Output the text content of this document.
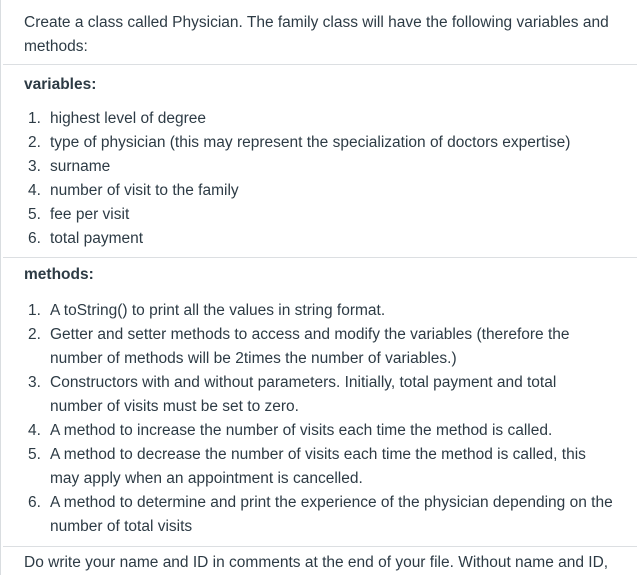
Create a class called Physician. The family class will have the following variables and methods:

variables:

1. highest level of degree
2. type of physician (this may represent the specialization of doctors expertise)
3. surname
4. number of visit to the family
5. fee per visit
6. total payment

methods:

1. A toString() to print all the values in string format.
2. Getter and setter methods to access and modify the variables (therefore the number of methods will be 2times the number of variables.)
3. Constructors with and without parameters. Initially, total payment and total number of visits must be set to zero.
4. A method to increase the number of visits each time the method is called.
5. A method to decrease the number of visits each time the method is called, this may apply when an appointment is cancelled.
6. A method to determine and print the experience of the physician depending on the number of total visits

Do write your name and ID in comments at the end of your file. Without name and ID,
